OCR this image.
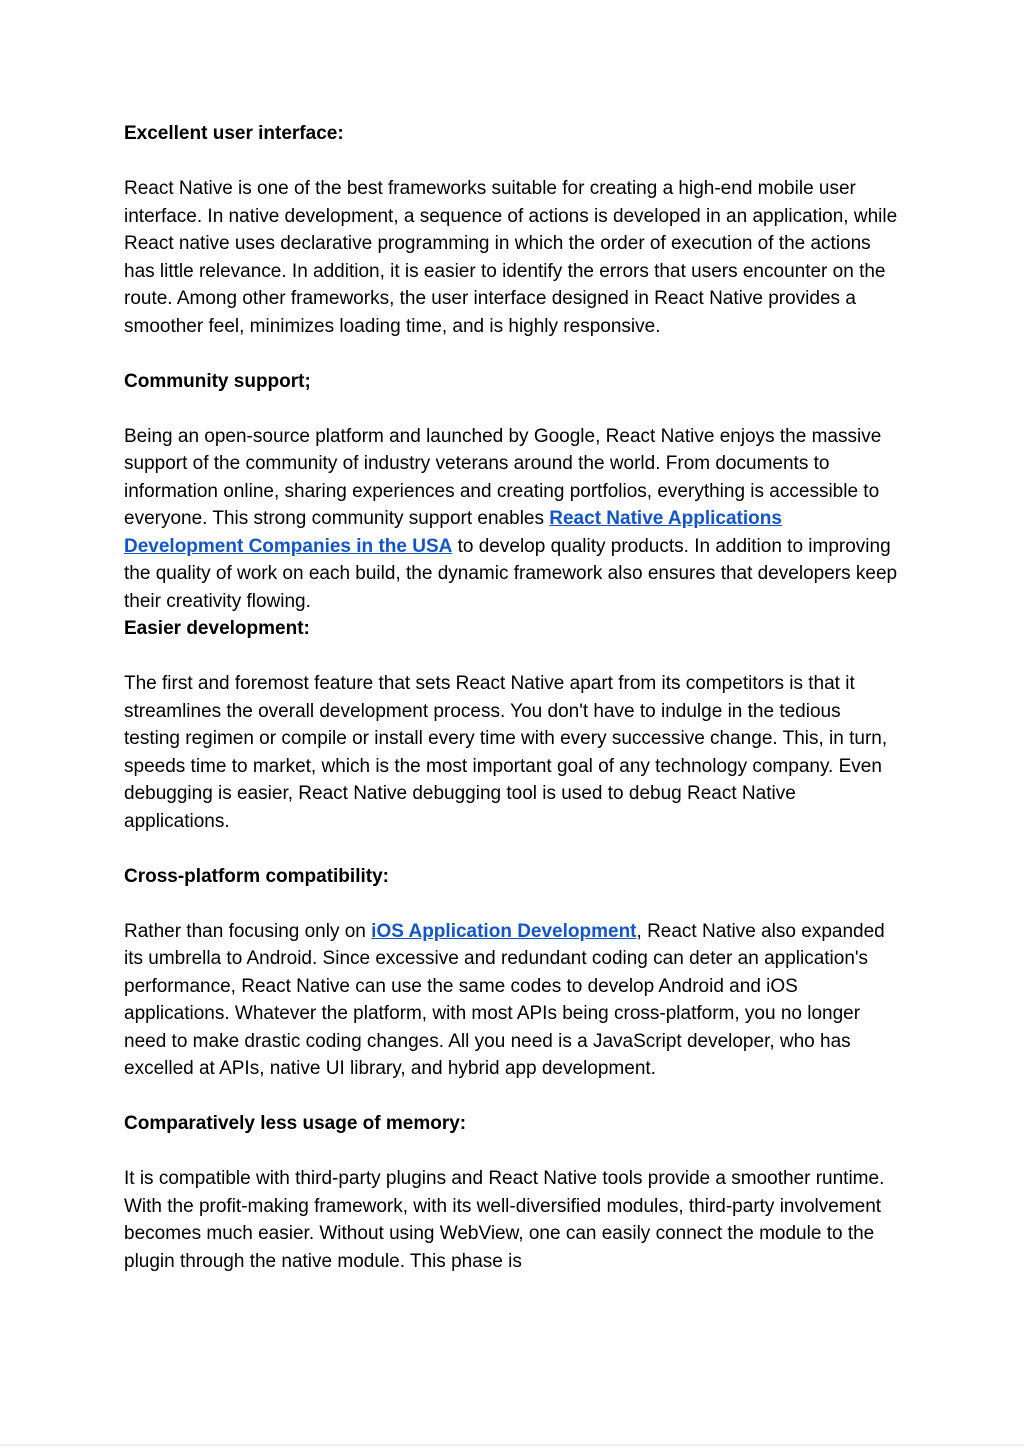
Excellent user interface:

React Native is one of the best frameworks suitable for creating a high-end mobile user interface. In native development, a sequence of actions is developed in an application, while React native uses declarative programming in which the order of execution of the actions has little relevance. In addition, it is easier to identify the errors that users encounter on the route. Among other frameworks, the user interface designed in React Native provides a smoother feel, minimizes loading time, and is highly responsive.

Community support;

Being an open-source platform and launched by Google, React Native enjoys the massive support of the community of industry veterans around the world. From documents to information online, sharing experiences and creating portfolios, everything is accessible to everyone. This strong community support enables React Native Applications Development Companies in the USA to develop quality products. In addition to improving the quality of work on each build, the dynamic framework also ensures that developers keep their creativity flowing.

Easier development:

The first and foremost feature that sets React Native apart from its competitors is that it streamlines the overall development process. You don't have to indulge in the tedious testing regimen or compile or install every time with every successive change. This, in turn, speeds time to market, which is the most important goal of any technology company. Even debugging is easier, React Native debugging tool is used to debug React Native applications.

Cross-platform compatibility:

Rather than focusing only on iOS Application Development, React Native also expanded its umbrella to Android. Since excessive and redundant coding can deter an application's performance, React Native can use the same codes to develop Android and iOS applications. Whatever the platform, with most APIs being cross-platform, you no longer need to make drastic coding changes. All you need is a JavaScript developer, who has excelled at APIs, native UI library, and hybrid app development.

Comparatively less usage of memory:

It is compatible with third-party plugins and React Native tools provide a smoother runtime. With the profit-making framework, with its well-diversified modules, third-party involvement becomes much easier. Without using WebView, one can easily connect the module to the plugin through the native module. This phase is
